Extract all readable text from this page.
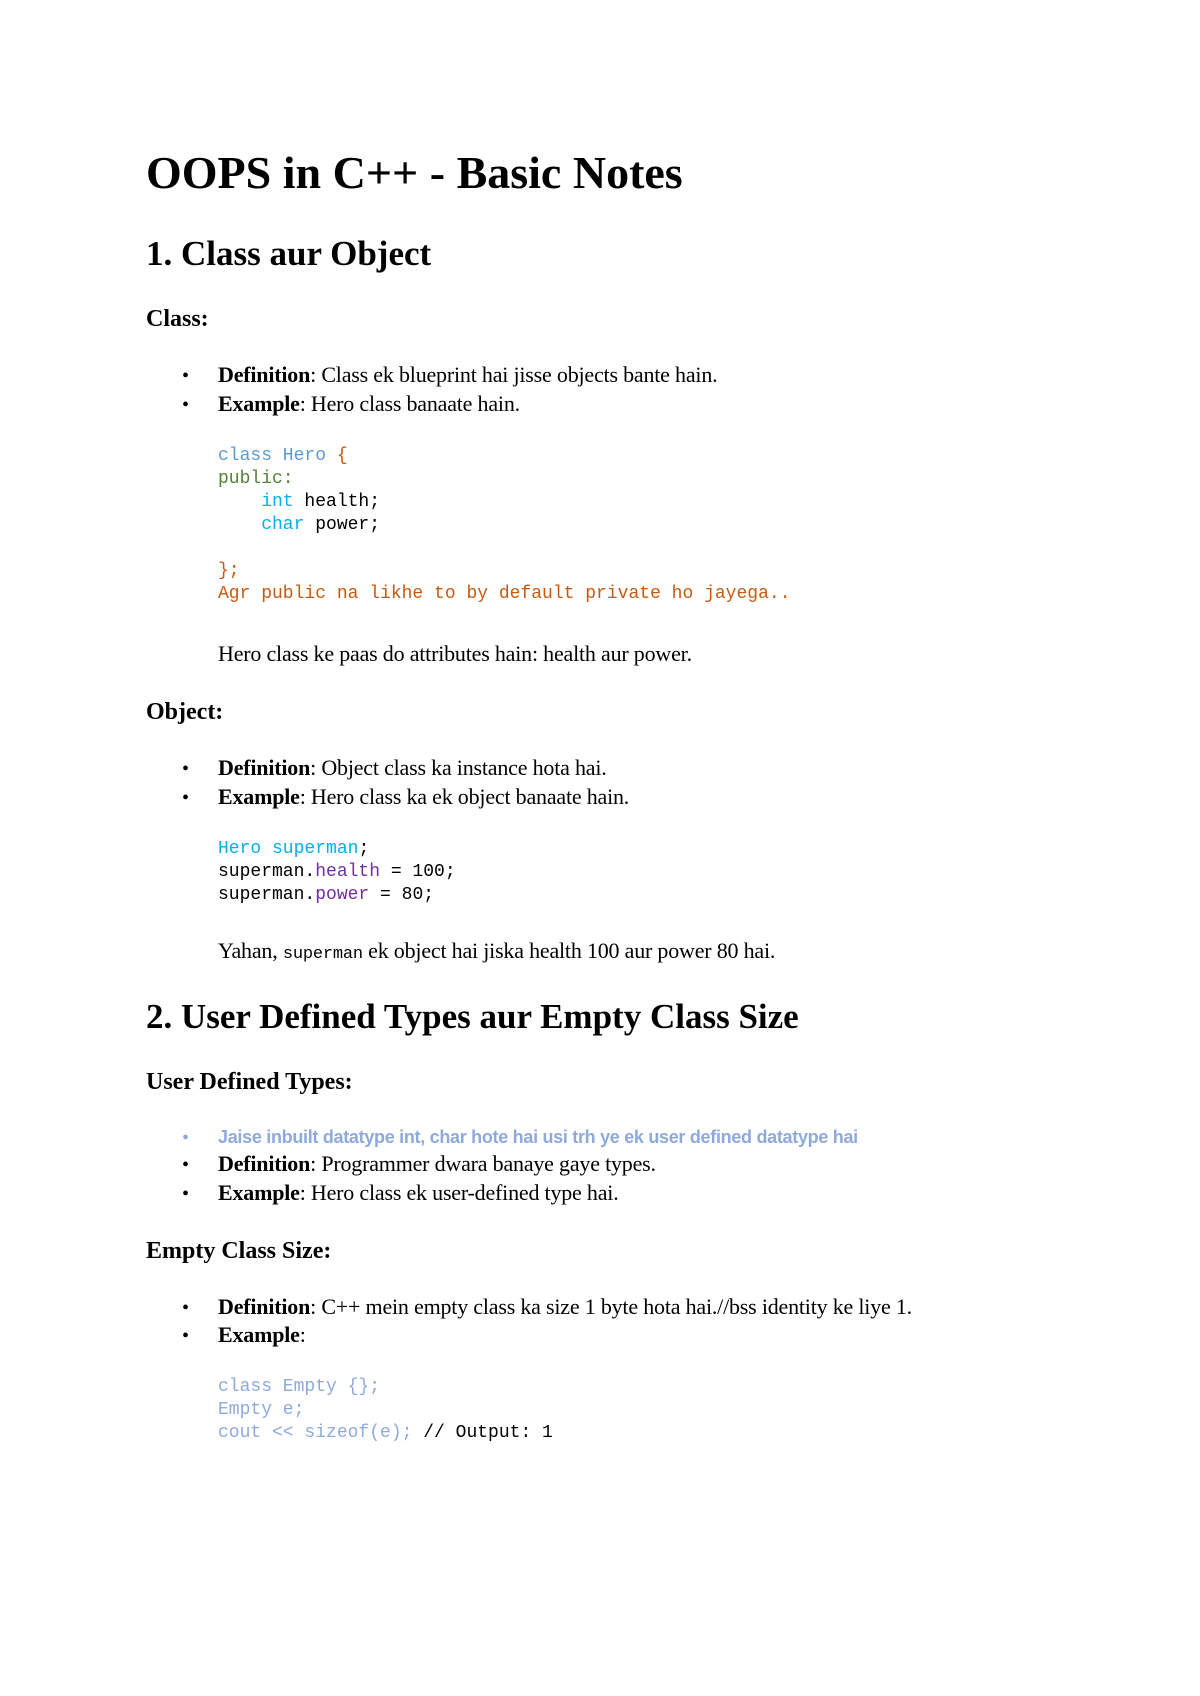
OOPS in C++ - Basic Notes
1. Class aur Object
Class:
• Definition: Class ek blueprint hai jisse objects bante hain.
• Example: Hero class banaate hain.
class Hero {
public:
int health;
char power;

};
Agr public na likhe to by default private ho jayega..
Hero class ke paas do attributes hain: health aur power.
Object:
• Definition: Object class ka instance hota hai.
• Example: Hero class ka ek object banaate hain.
Hero superman;
superman.health = 100;
superman.power = 80;
Yahan, superman ek object hai jiska health 100 aur power 80 hai.
2. User Defined Types aur Empty Class Size
User Defined Types:
• Jaise inbuilt datatype int, char hote hai usi trh ye ek user defined datatype hai
• Definition: Programmer dwara banaye gaye types.
• Example: Hero class ek user-defined type hai.
Empty Class Size:
• Definition: C++ mein empty class ka size 1 byte hota hai.//bss identity ke liye 1.
• Example:
class Empty {};
Empty e;
cout << sizeof(e); // Output: 1
